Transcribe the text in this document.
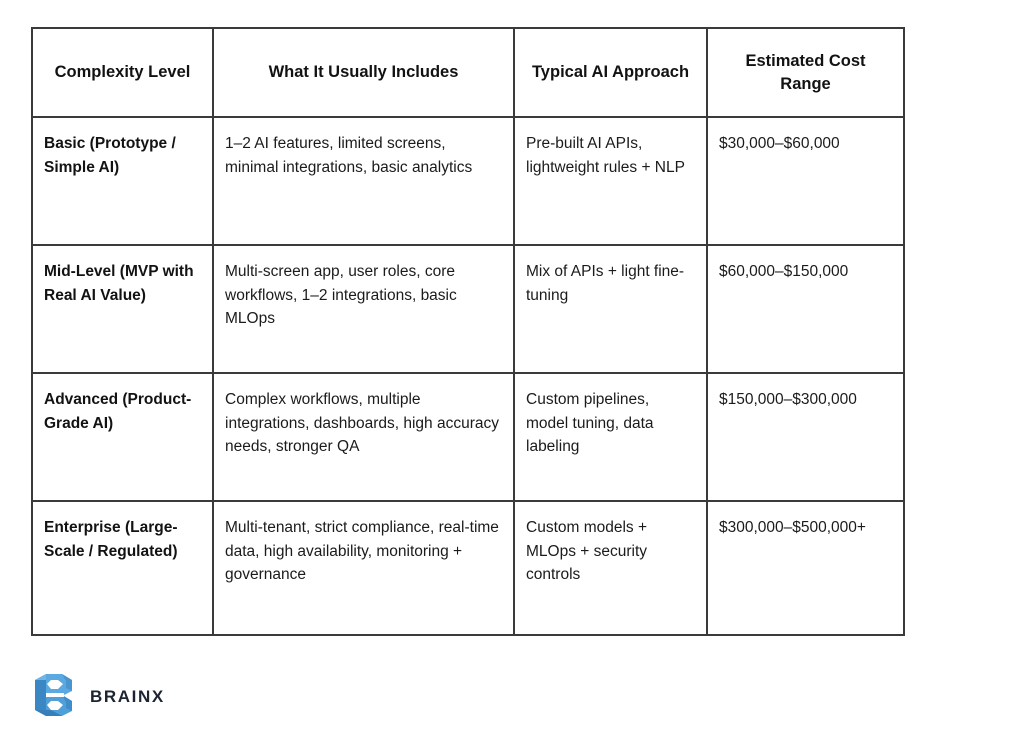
Complexity Level	What It Usually Includes	Typical AI Approach	Estimated Cost Range
Basic (Prototype / Simple AI)	1–2 AI features, limited screens, minimal integrations, basic analytics	Pre-built AI APIs, lightweight rules + NLP	$30,000–$60,000
Mid-Level (MVP with Real AI Value)	Multi-screen app, user roles, core workflows, 1–2 integrations, basic MLOps	Mix of APIs + light fine-tuning	$60,000–$150,000
Advanced (Product-Grade AI)	Complex workflows, multiple integrations, dashboards, high accuracy needs, stronger QA	Custom pipelines, model tuning, data labeling	$150,000–$300,000
Enterprise (Large-Scale / Regulated)	Multi-tenant, strict compliance, real-time data, high availability, monitoring + governance	Custom models + MLOps + security controls	$300,000–$500,000+
BRAINX
